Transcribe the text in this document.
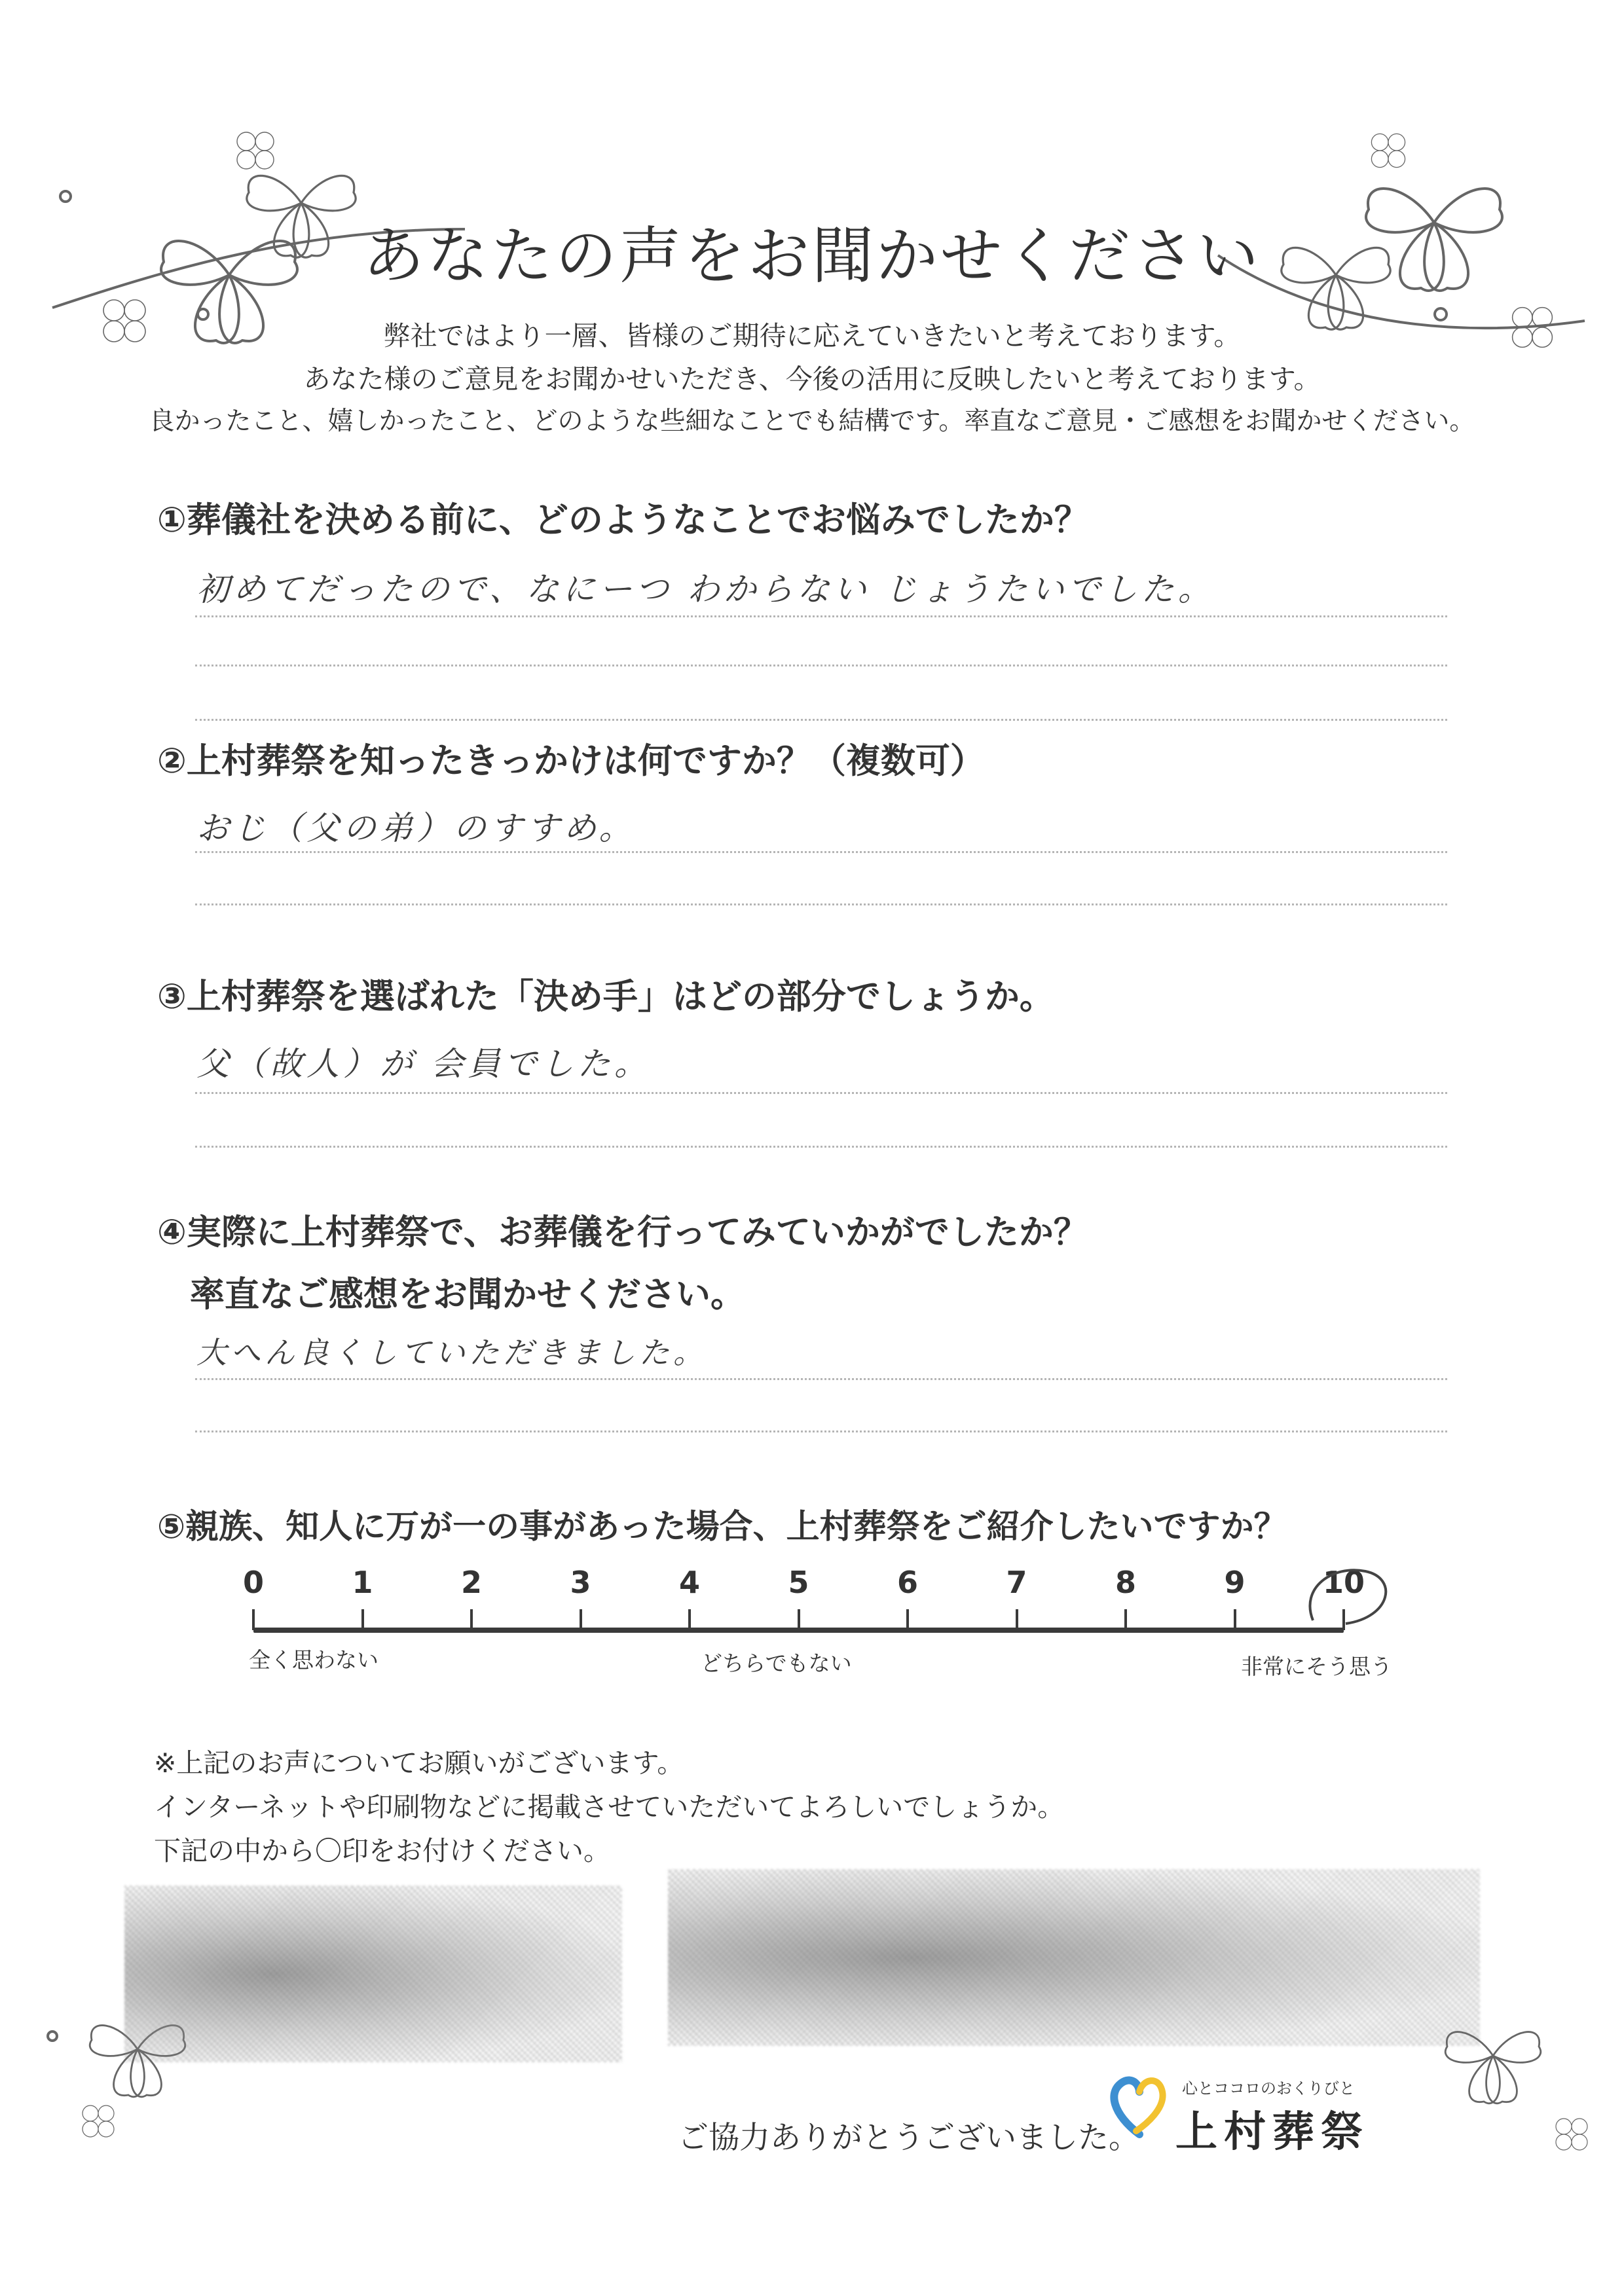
あなたの声をお聞かせください
弊社ではより一層、皆様のご期待に応えていきたいと考えております。
あなた様のご意見をお聞かせいただき、今後の活用に反映したいと考えております。
良かったこと、嬉しかったこと、どのような些細なことでも結構です。率直なご意見・ご感想をお聞かせください。
①葬儀社を決める前に、どのようなことでお悩みでしたか？
初めてだったので、なにーつ わからない じょうたいでした。
②上村葬祭を知ったきっかけは何ですか？（複数可）
おじ（父の弟）のすすめ。
③上村葬祭を選ばれた「決め手」はどの部分でしょうか。
父（故人）が 会員でした。
④実際に上村葬祭で、お葬儀を行ってみていかがでしたか？
率直なご感想をお聞かせください。
大へん良くしていただきました。
⑤親族、知人に万が一の事があった場合、上村葬祭をご紹介したいですか？
0	1	2	3	4	5	6	7	8	9	10
全く思わない	どちらでもない	非常にそう思う
※上記のお声についてお願いがございます。
インターネットや印刷物などに掲載させていただいてよろしいでしょうか。
下記の中から〇印をお付けください。
ご協力ありがとうございました。
心とココロのおくりびと
上村葬祭
